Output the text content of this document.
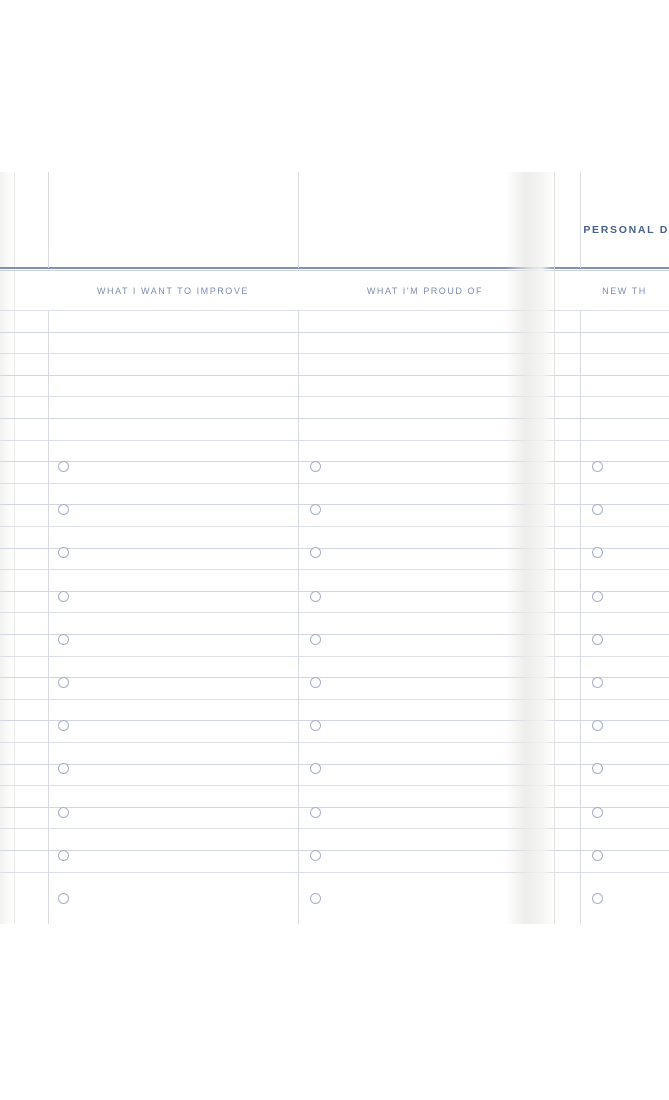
PERSONAL D
WHAT I WANT TO IMPROVE	WHAT I'M PROUD OF	NEW TH
